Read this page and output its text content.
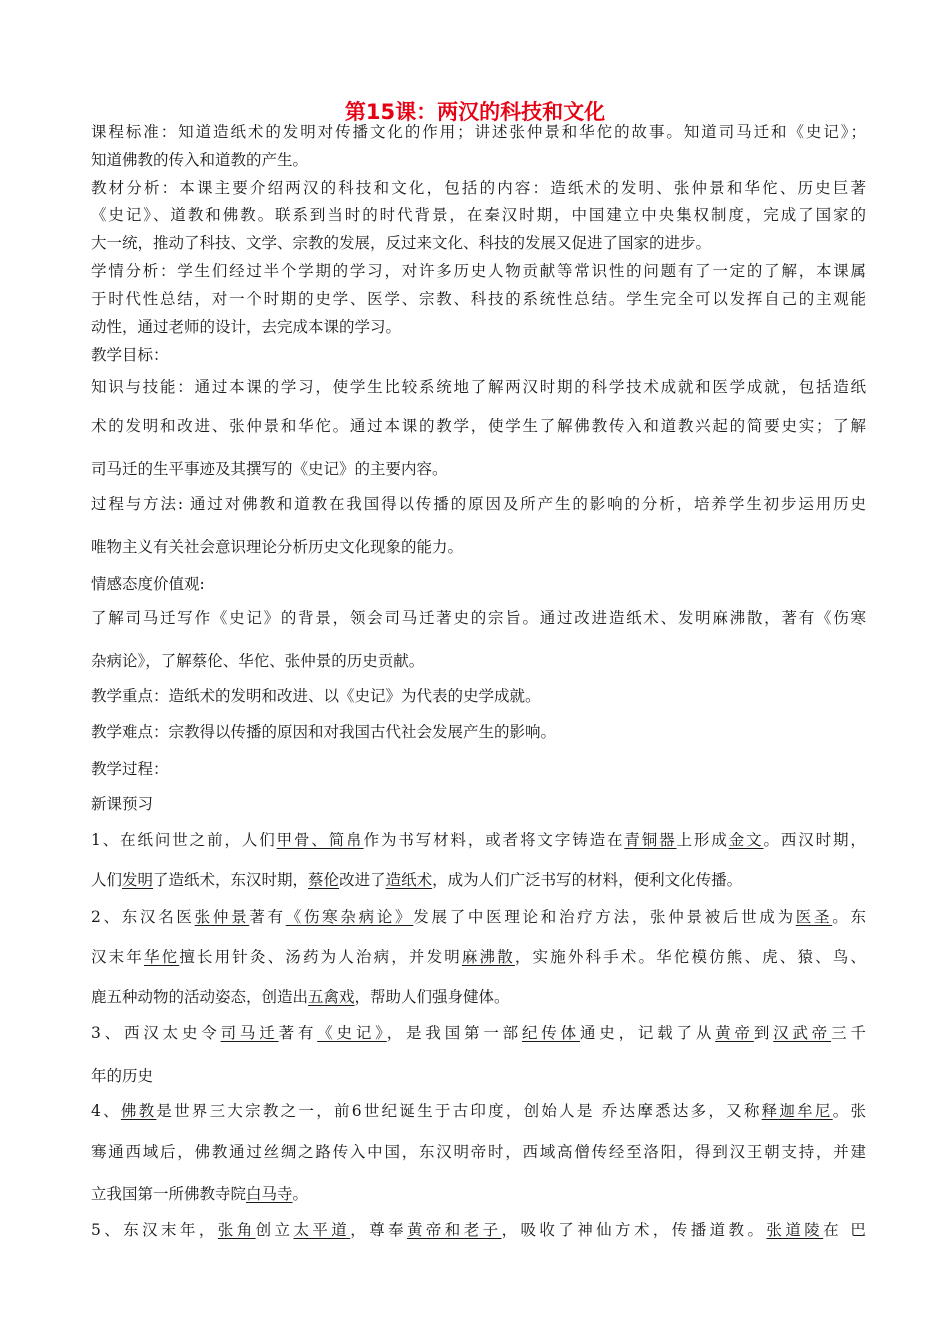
第15课：两汉的科技和文化
课程标准：知道造纸术的发明对传播文化的作用；讲述张仲景和华佗的故事。知道司马迁和《史记》；
知道佛教的传入和道教的产生。
教材分析：本课主要介绍两汉的科技和文化，包括的内容：造纸术的发明、张仲景和华佗、历史巨著
《史记》、道教和佛教。联系到当时的时代背景，在秦汉时期，中国建立中央集权制度，完成了国家的
大一统，推动了科技、文学、宗教的发展，反过来文化、科技的发展又促进了国家的进步。
学情分析：学生们经过半个学期的学习，对许多历史人物贡献等常识性的问题有了一定的了解，本课属
于时代性总结，对一个时期的史学、医学、宗教、科技的系统性总结。学生完全可以发挥自己的主观能
动性，通过老师的设计，去完成本课的学习。
教学目标：
知识与技能：通过本课的学习，使学生比较系统地了解两汉时期的科学技术成就和医学成就，包括造纸
术的发明和改进、张仲景和华佗。通过本课的教学，使学生了解佛教传入和道教兴起的简要史实；了解
司马迁的生平事迹及其撰写的《史记》的主要内容。
过程与方法: 通过对佛教和道教在我国得以传播的原因及所产生的影响的分析，培养学生初步运用历史
唯物主义有关社会意识理论分析历史文化现象的能力。
情感态度价值观:
了解司马迁写作《史记》的背景，领会司马迁著史的宗旨。通过改进造纸术、发明麻沸散，著有《伤寒
杂病论》，了解蔡伦、华佗、张仲景的历史贡献。
教学重点：造纸术的发明和改进、以《史记》为代表的史学成就。
教学难点：宗教得以传播的原因和对我国古代社会发展产生的影响。
教学过程：
新课预习
1、在纸问世之前，人们甲骨、简帛作为书写材料，或者将文字铸造在青铜器上形成金文。西汉时期，
人们发明了造纸术，东汉时期，蔡伦改进了造纸术，成为人们广泛书写的材料，便利文化传播。
2、东汉名医张仲景著有《伤寒杂病论》发展了中医理论和治疗方法，张仲景被后世成为医圣。东
汉末年华佗擅长用针灸、汤药为人治病，并发明麻沸散，实施外科手术。华佗模仿熊、虎、猿、鸟、
鹿五种动物的活动姿态，创造出五禽戏，帮助人们强身健体。
3、西汉太史令司马迁著有《史记》，是我国第一部纪传体通史，记载了从黄帝到汉武帝三千
年的历史
4、佛教是世界三大宗教之一，前6世纪诞生于古印度，创始人是 乔达摩悉达多，又称释迦牟尼。张
骞通西域后，佛教通过丝绸之路传入中国，东汉明帝时，西域高僧传经至洛阳，得到汉王朝支持，并建
立我国第一所佛教寺院白马寺。
5、东汉末年，张角创立太平道，尊奉黄帝和老子，吸收了神仙方术，传播道教。张道陵在 巴
